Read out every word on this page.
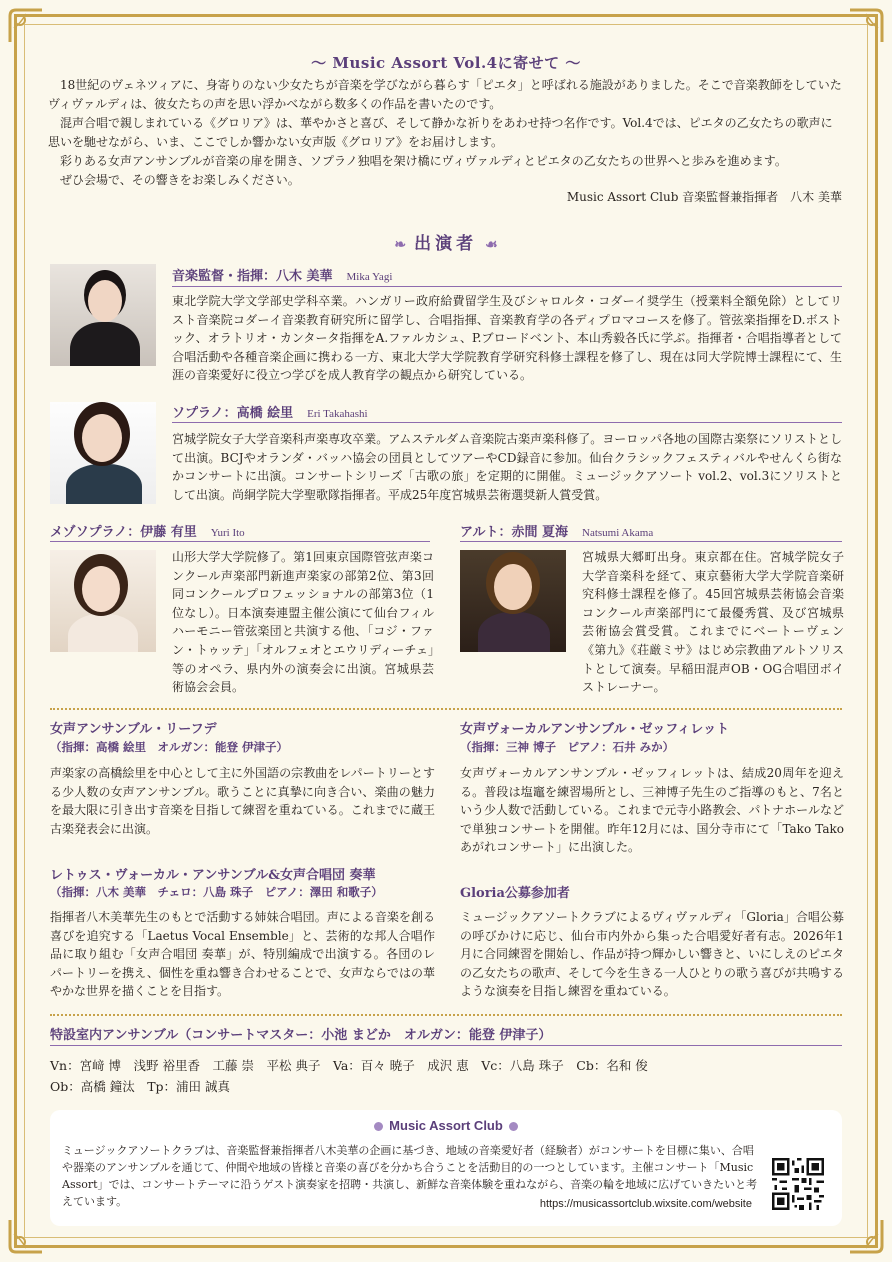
〜 Music Assort Vol.4に寄せて 〜

18世紀のヴェネツィアに、身寄りのない少女たちが音楽を学びながら暮らす「ピエタ」と呼ばれる施設がありました。そこで音楽教師をしていたヴィヴァルディは、彼女たちの声を思い浮かべながら数多くの作品を書いたのです。

混声合唱で親しまれている《グロリア》は、華やかさと喜び、そして静かな祈りをあわせ持つ名作です。Vol.4では、ピエタの乙女たちの歌声に思いを馳せながら、いま、ここでしか響かない女声版《グロリア》をお届けします。

彩りある女声アンサンブルが音楽の扉を開き、ソプラノ独唱を架け橋にヴィヴァルディとピエタの乙女たちの世界へと歩みを進めます。

ぜひ会場で、その響きをお楽しみください。

Music Assort Club 音楽監督兼指揮者　八木 美華
❧ 出演者 ☙
音楽監督・指揮：八木 美華 Mika Yagi
東北学院大学文学部史学科卒業。ハンガリー政府給費留学生及びシャロルタ・コダーイ奨学生（授業料全額免除）としてリスト音楽院コダーイ音楽教育研究所に留学し、合唱指揮、音楽教育学の各ディプロマコースを修了。管弦楽指揮をD.ボストック、オラトリオ・カンタータ指揮をA.ファルカシュ、P.ブロードベント、本山秀毅各氏に学ぶ。指揮者・合唱指導者として合唱活動や各種音楽企画に携わる一方、東北大学大学院教育学研究科修士課程を修了し、現在は同大学院博士課程にて、生涯の音楽愛好に役立つ学びを成人教育学の観点から研究している。
ソプラノ：高橋 絵里 Eri Takahashi
宮城学院女子大学音楽科声楽専攻卒業。アムステルダム音楽院古楽声楽科修了。ヨーロッパ各地の国際古楽祭にソリストとして出演。BCJやオランダ・バッハ協会の団員としてツアーやCD録音に参加。仙台クラシックフェスティバルやせんくら街なかコンサートに出演。コンサートシリーズ「古歌の旅」を定期的に開催。ミュージックアソート vol.2、vol.3にソリストとして出演。尚絅学院大学聖歌隊指揮者。平成25年度宮城県芸術選奨新人賞受賞。
メゾソプラノ：伊藤 有里 Yuri Ito
山形大学大学院修了。第1回東京国際管弦声楽コンクール声楽部門新進声楽家の部第2位、第3回同コンクールプロフェッショナルの部第3位（1位なし）。日本演奏連盟主催公演にて仙台フィルハーモニー管弦楽団と共演する他、「コジ・ファン・トゥッテ」「オルフェオとエウリディーチェ」等のオペラ、県内外の演奏会に出演。宮城県芸術協会会員。
アルト：赤間 夏海 Natsumi Akama
宮城県大郷町出身。東京都在住。宮城学院女子大学音楽科を経て、東京藝術大学大学院音楽研究科修士課程を修了。45回宮城県芸術協会音楽コンクール声楽部門にて最優秀賞、及び宮城県芸術協会賞受賞。これまでにベートーヴェン《第九》《荘厳ミサ》はじめ宗教曲アルトソリストとして演奏。早稲田混声OB・OG合唱団ボイストレーナー。
女声アンサンブル・リーフデ
（指揮：高橋 絵里　オルガン：能登 伊津子）
声楽家の高橋絵里を中心として主に外国語の宗教曲をレパートリーとする少人数の女声アンサンブル。歌うことに真摯に向き合い、楽曲の魅力を最大限に引き出す音楽を目指して練習を重ねている。これまでに蔵王古楽発表会に出演。
女声ヴォーカルアンサンブル・ゼッフィレット
（指揮：三神 博子　ピアノ：石井 みか）
女声ヴォーカルアンサンブル・ゼッフィレットは、結成20周年を迎える。普段は塩竈を練習場所とし、三神博子先生のご指導のもと、7名という少人数で活動している。これまで元寺小路教会、パトナホールなどで単独コンサートを開催。昨年12月には、国分寺市にて「Tako Takoあがれコンサート」に出演した。
レトゥス・ヴォーカル・アンサンブル&女声合唱団 奏華
（指揮：八木 美華　チェロ：八島 珠子　ピアノ：澤田 和歌子）
指揮者八木美華先生のもとで活動する姉妹合唱団。声による音楽を創る喜びを追究する「Laetus Vocal Ensemble」と、芸術的な邦人合唱作品に取り組む「女声合唱団 奏華」が、特別編成で出演する。各団のレパートリーを携え、個性を重ね響き合わせることで、女声ならではの華やかな世界を描くことを目指す。
Gloria公募参加者
ミュージックアソートクラブによるヴィヴァルディ「Gloria」合唱公募の呼びかけに応じ、仙台市内外から集った合唱愛好者有志。2026年1月に合同練習を開始し、作品が持つ輝かしい響きと、いにしえのピエタの乙女たちの歌声、そして今を生きる一人ひとりの歌う喜びが共鳴するような演奏を目指し練習を重ねている。
特設室内アンサンブル（コンサートマスター：小池 まどか　オルガン：能登 伊津子）
Vn：宮﨑 博　浅野 裕里香　工藤 崇　平松 典子　Va：百々 暁子　成沢 恵　Vc：八島 珠子　Cb：名和 俊
Ob：高橋 鐘汰　Tp：浦田 誠真
Music Assort Club
ミュージックアソートクラブは、音楽監督兼指揮者八木美華の企画に基づき、地域の音楽愛好者（経験者）がコンサートを目標に集い、合唱や器楽のアンサンブルを通じて、仲間や地域の皆様と音楽の喜びを分かち合うことを活動目的の一つとしています。主催コンサート「Music Assort」では、コンサートテーマに沿うゲスト演奏家を招聘・共演し、新鮮な音楽体験を重ねながら、音楽の輪を地域に広げていきたいと考えています。	https://musicassortclub.wixsite.com/website
